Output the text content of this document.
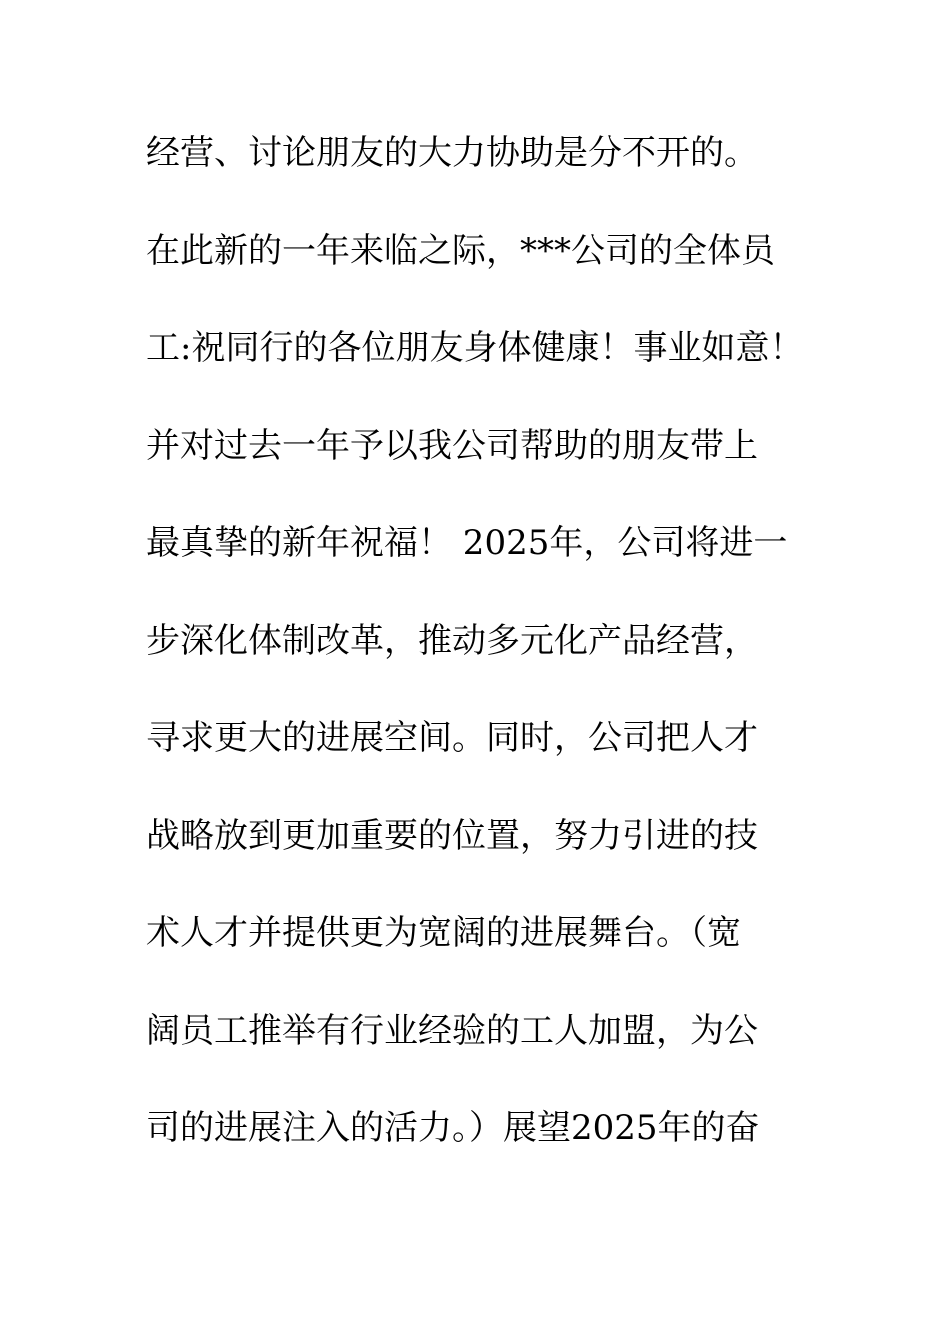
经营、讨论朋友的大力协助是分不开的。
在此新的一年来临之际，***公司的全体员
工:祝同行的各位朋友身体健康！事业如意！
并对过去一年予以我公司帮助的朋友带上
最真挚的新年祝福！ 2025年，公司将进一
步深化体制改革，推动多元化产品经营，
寻求更大的进展空间。同时，公司把人才
战略放到更加重要的位置，努力引进的技
术人才并提供更为宽阔的进展舞台。（宽
阔员工推举有行业经验的工人加盟，为公
司的进展注入的活力。）展望2025年的奋
